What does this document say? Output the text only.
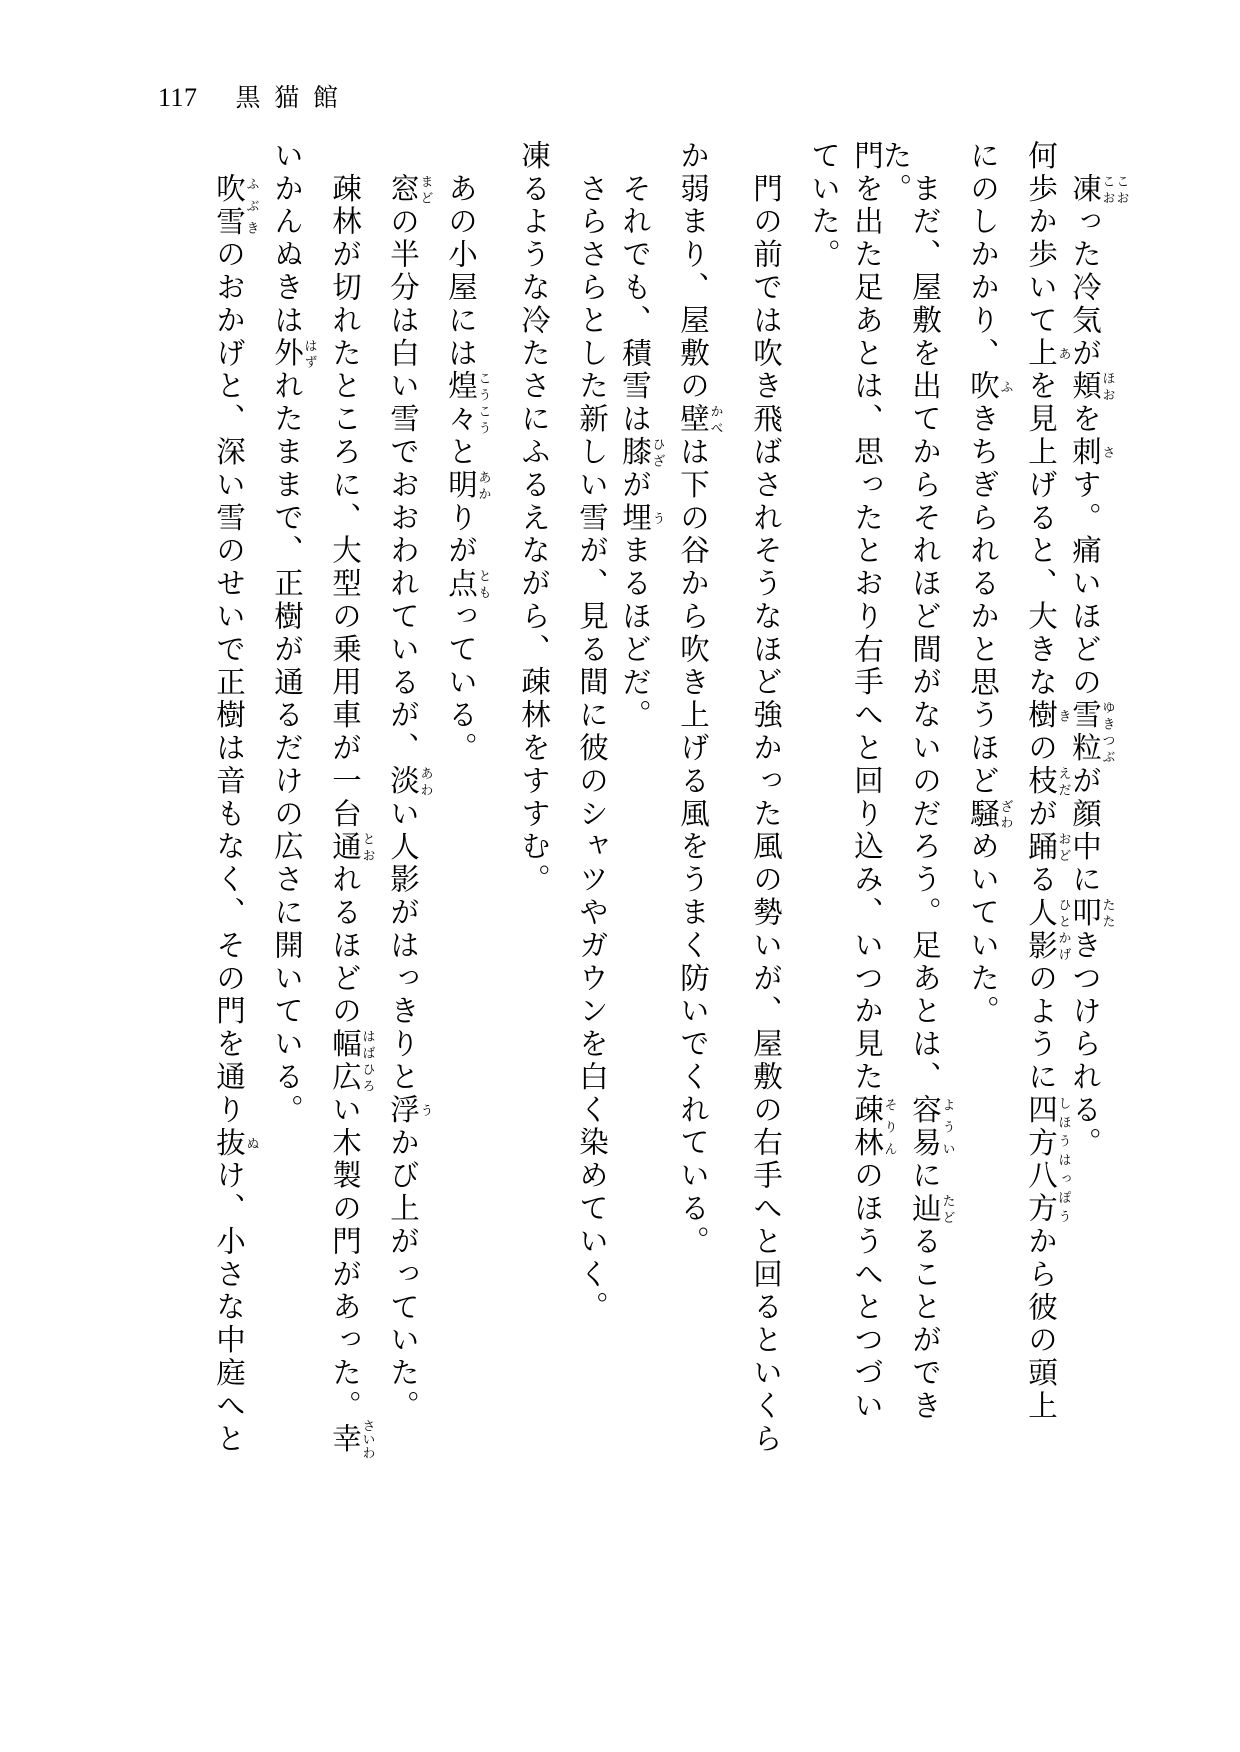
117 黒猫館
　凍こお こおった冷気が頬ほおを刺さす。痛いほどの雪粒ゆきつぶが顔中に叩たたきつけられる。
何歩か歩いて上あを見上げると、大きな樹きの枝えだが踊おどる人影ひとかげのように四方八方しほうはっぽうから彼の頭上
にのしかかり、吹ふきちぎられるかと思うほど騒ざわめいていた。
　まだ、屋敷を出てからそれほど間がないのだろう。足あとは、容易よういに辿たどることができた。
門を出た足あとは、思ったとおり右手へと回り込み、いつか見た疎林そりんのほうへとつづい
ていた。
　門の前では吹き飛ばされそうなほど強かった風の勢いが、屋敷の右手へと回るといくら
か弱まり、屋敷の壁かべは下の谷から吹き上げる風をうまく防いでくれている。
　それでも、積雪は膝ひざが埋うまるほどだ。
　さらさらとした新しい雪が、見る間に彼のシャツやガウンを白く染めていく。
凍るような冷たさにふるえながら、疎林をすすむ。
　あの小屋には煌々こうこうと明あかりが点ともっている。
　窓まどの半分は白い雪でおおわれているが、淡あわい人影がはっきりと浮うかび上がっていた。
　疎林が切れたところに、大型の乗用車が一台通とおれるほどの幅広はばひろい木製の門があった。幸さいわ
いかんぬきは外はずれたままで、正樹が通るだけの広さに開いている。
　吹雪ふぶきのおかげと、深い雪のせいで正樹は音もなく、その門を通り抜ぬけ、小さな中庭へと
